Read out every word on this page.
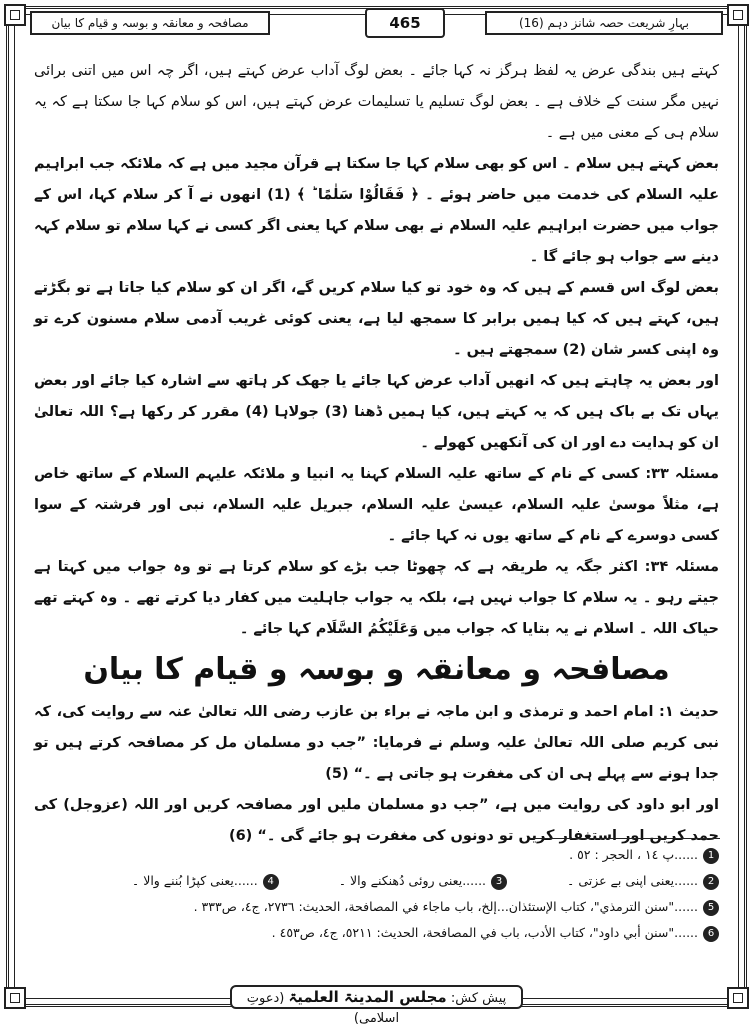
مصافحہ و معانقہ و بوسہ و قیام کا بیان	465	بہارِ شریعت حصہ شانز دہم (16)

کہتے ہیں بندگی عرض یہ لفظ ہرگز نہ کہا جائے ۔ بعض لوگ آداب عرض کہتے ہیں، اگر چہ اس میں اتنی برائی نہیں مگر سنت کے خلاف ہے ۔ بعض لوگ تسلیم یا تسلیمات عرض کہتے ہیں، اس کو سلام کہا جا سکتا ہے کہ یہ سلام ہی کے معنی میں ہے ۔

بعض کہتے ہیں سلام ۔ اس کو بھی سلام کہا جا سکتا ہے قرآن مجید میں ہے کہ ملائکہ جب ابراہیم علیہ السلام کی خدمت میں حاضر ہوئے ۔ ﴿ فَقَالُوْا سَلٰمًا ؕ ﴾ (1) انھوں نے آ کر سلام کہا، اس کے جواب میں حضرت ابراہیم علیہ السلام نے بھی سلام کہا یعنی اگر کسی نے کہا سلام تو سلام کہہ دینے سے جواب ہو جائے گا ۔

بعض لوگ اس قسم کے ہیں کہ وہ خود تو کیا سلام کریں گے، اگر ان کو سلام کیا جاتا ہے تو بگڑتے ہیں، کہتے ہیں کہ کیا ہمیں برابر کا سمجھ لیا ہے، یعنی کوئی غریب آدمی سلام مسنون کرے تو وہ اپنی کسر شان (2) سمجھتے ہیں ۔

اور بعض یہ چاہتے ہیں کہ انھیں آداب عرض کہا جائے یا جھک کر ہاتھ سے اشارہ کیا جائے اور بعض یہاں تک بے باک ہیں کہ یہ کہتے ہیں، کیا ہمیں ڈھنا (3) جولاہا (4) مقرر کر رکھا ہے؟ اللہ تعالیٰ ان کو ہدایت دے اور ان کی آنکھیں کھولے ۔

مسئلہ ۳۳: کسی کے نام کے ساتھ علیہ السلام کہنا یہ انبیا و ملائکہ علیہم السلام کے ساتھ خاص ہے، مثلاً موسیٰ علیہ السلام، عیسیٰ علیہ السلام، جبریل علیہ السلام، نبی اور فرشتہ کے سوا کسی دوسرے کے نام کے ساتھ یوں نہ کہا جائے ۔

مسئلہ ۳۴: اکثر جگہ یہ طریقہ ہے کہ چھوٹا جب بڑے کو سلام کرتا ہے تو وہ جواب میں کہتا ہے جیتے رہو ۔ یہ سلام کا جواب نہیں ہے، بلکہ یہ جواب جاہلیت میں کفار دیا کرتے تھے ۔ وہ کہتے تھے حیاک اللہ ۔ اسلام نے یہ بتایا کہ جواب میں وَعَلَیْکُمُ السَّلَام کہا جائے ۔

مصافحہ و معانقہ و بوسہ و قیام کا بیان

حدیث ۱: امام احمد و ترمذی و ابن ماجہ نے براء بن عازب رضی اللہ تعالیٰ عنہ سے روایت کی، کہ نبی کریم صلی اللہ تعالیٰ علیہ وسلم نے فرمایا: ”جب دو مسلمان مل کر مصافحہ کرتے ہیں تو جدا ہونے سے پہلے ہی ان کی مغفرت ہو جاتی ہے ۔“ (5)

اور ابو داود کی روایت میں ہے، ”جب دو مسلمان ملیں اور مصافحہ کریں اور اللہ (عزوجل) کی حمد کریں اور استغفار کریں تو دونوں کی مغفرت ہو جائے گی ۔“ (6)

1......پ ١٤ ، الحجر : ٥٢ .
2......یعنی اپنی بے عزتی ۔
3......یعنی روئی دُھنکنے والا ۔
4......یعنی کپڑا بُننے والا ۔
5......"سنن الترمذي"، كتاب الإستئذان...إلخ، باب ماجاء في المصافحة، الحديث: ٢٧٣٦، ج٤، ص٣٣٣ .
6......"سنن أبي داود"، كتاب الأدب، باب في المصافحة، الحديث: ٥٢١١، ج٤، ص٤٥٣ .
پیش کش: مجلس المدینۃ العلمیۃ (دعوتِ اسلامی)
